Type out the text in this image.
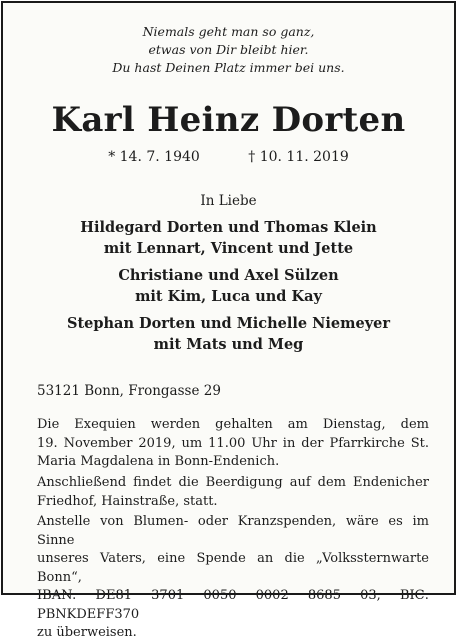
Niemals geht man so ganz,
etwas von Dir bleibt hier.
Du hast Deinen Platz immer bei uns.
Karl Heinz Dorten
* 14. 7. 1940	† 10. 11. 2019
In Liebe
Hildegard Dorten und Thomas Klein
mit Lennart, Vincent und Jette
Christiane und Axel Sülzen
mit Kim, Luca und Kay
Stephan Dorten und Michelle Niemeyer
mit Mats und Meg
53121 Bonn, Frongasse 29
Die Exequien werden gehalten am Dienstag, dem
19. November 2019, um 11.00 Uhr in der Pfarrkirche St.
Maria Magdalena in Bonn-Endenich.
Anschließend findet die Beerdigung auf dem Endenicher
Friedhof, Hainstraße, statt.
Anstelle von Blumen- oder Kranzspenden, wäre es im Sinne
unseres Vaters, eine Spende an die „Volkssternwarte Bonn“,
IBAN: DE81 3701 0050 0002 8685 03, BIC: PBNKDEFF370
zu überweisen.
